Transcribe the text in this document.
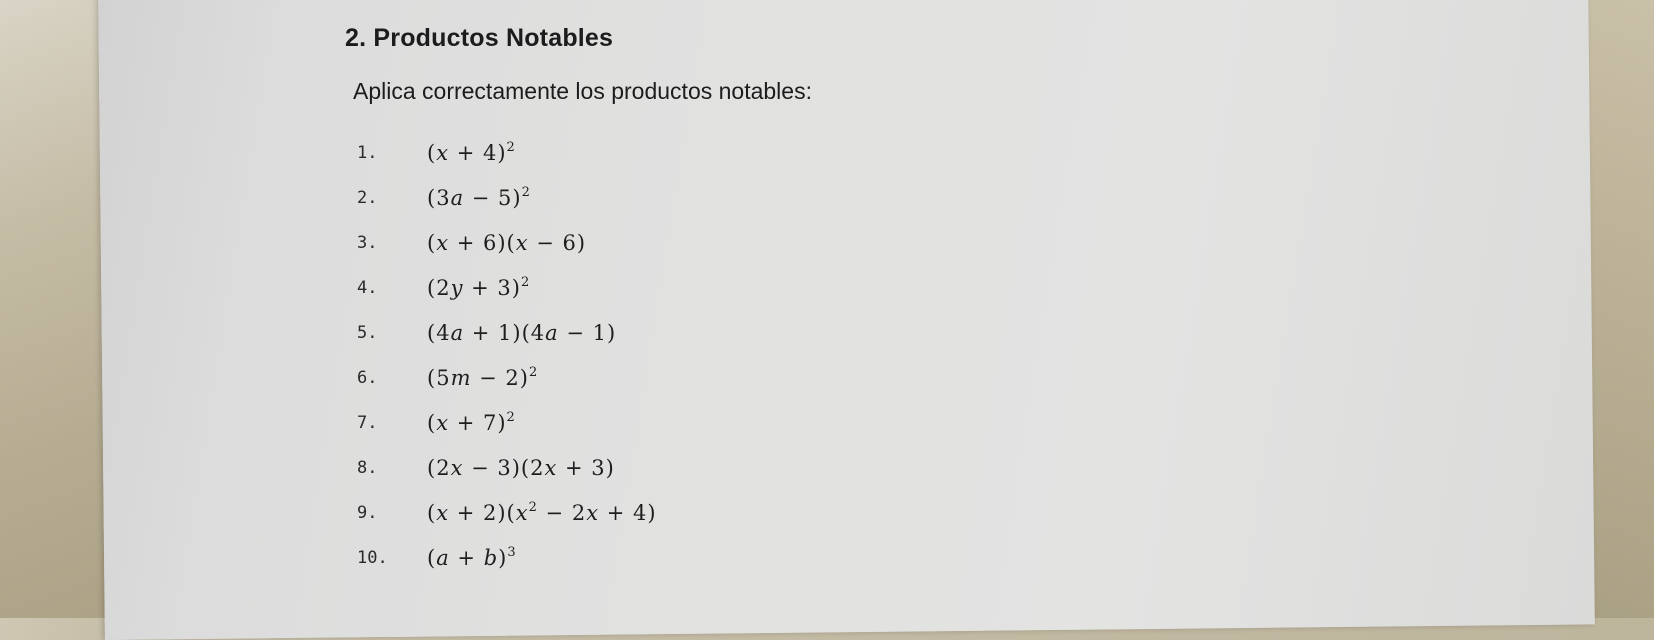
2. Productos Notables
Aplica correctamente los productos notables:
1.	$(x + 4)^2$
2.	$(3a - 5)^2$
3.	(x + 6)(x − 6)
4.	$(2y + 3)^2$
5.	(4a + 1)(4a − 1)
6.	$(5m - 2)^2$
7.	$(x + 7)^2$
8.	(2x − 3)(2x + 3)
9.	$(x + 2)(x^2 - 2x + 4)$
10.	$(a + b)^3$
